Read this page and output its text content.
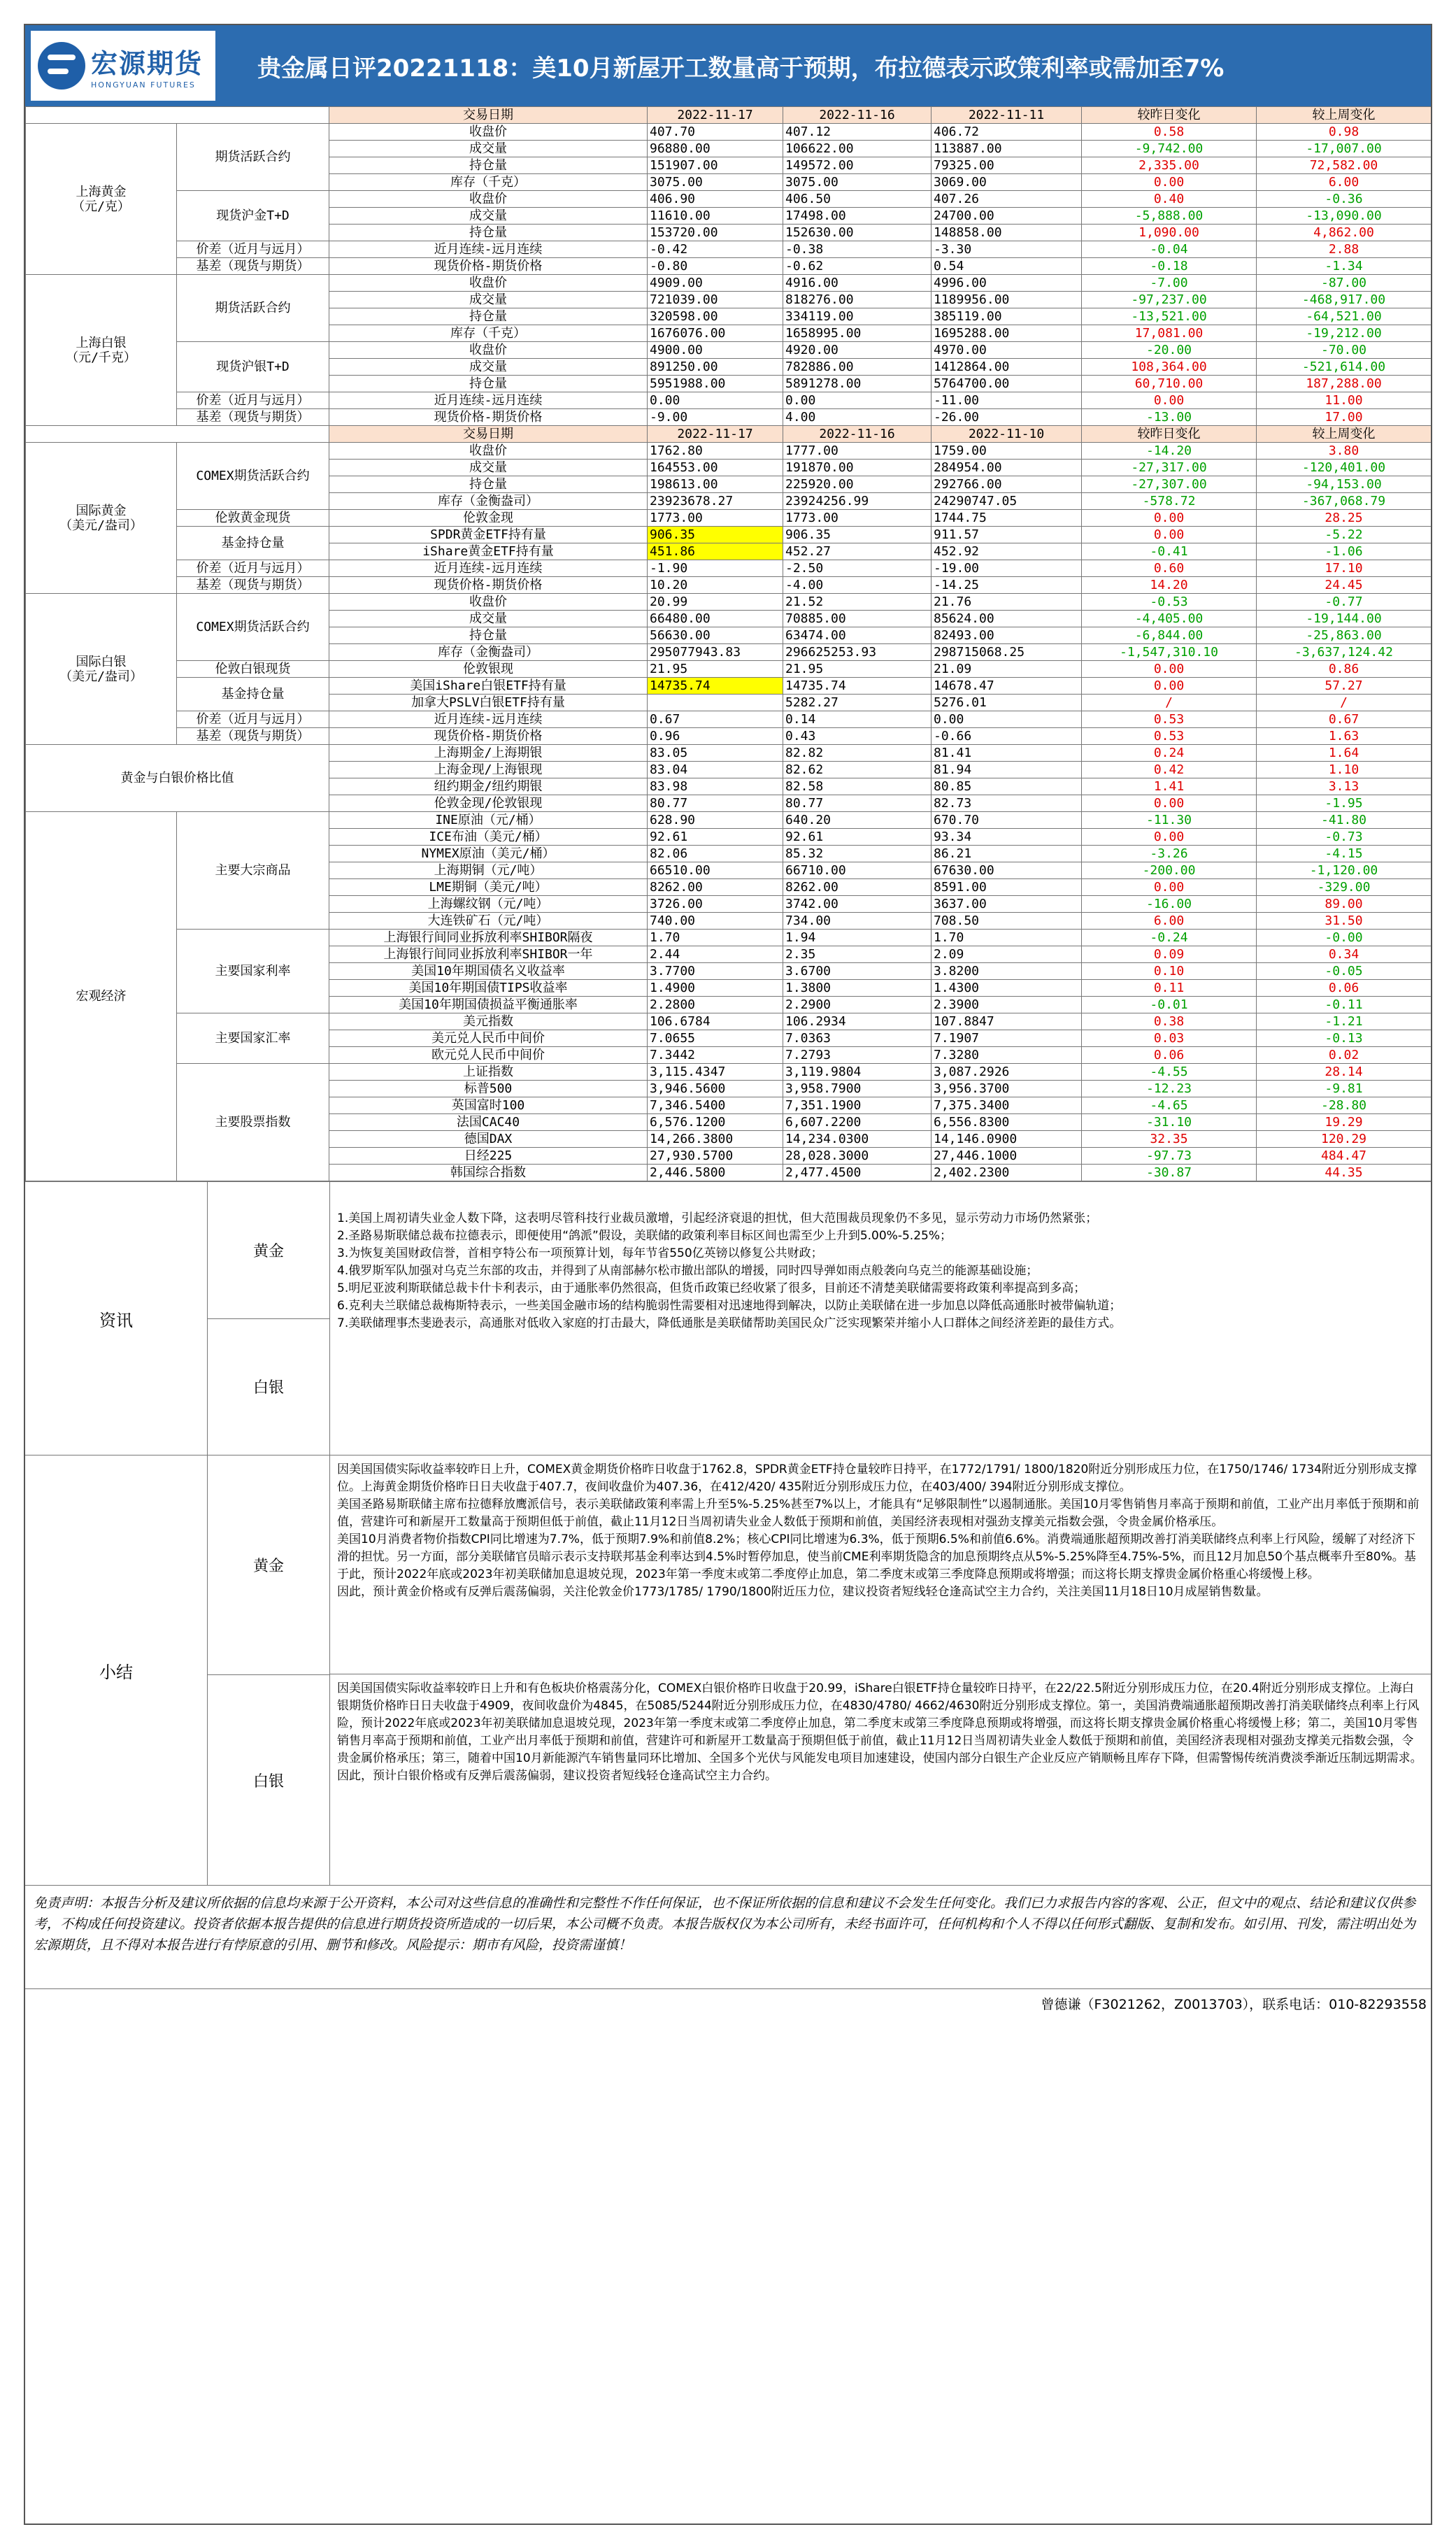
宏源期货
HONGYUAN FUTURES
贵金属日评20221118：美10月新屋开工数量高于预期，布拉德表示政策利率或需加至7%
		交易日期	2022-11-17	2022-11-16	2022-11-11	较昨日变化	较上周变化
上海黄金
（元/克）	期货活跃合约	收盘价	407.70	407.12	406.72	0.58	0.98
		成交量	96880.00	106622.00	113887.00	-9,742.00	-17,007.00
		持仓量	151907.00	149572.00	79325.00	2,335.00	72,582.00
		库存（千克）	3075.00	3075.00	3069.00	0.00	6.00
	现货沪金T+D	收盘价	406.90	406.50	407.26	0.40	-0.36
		成交量	11610.00	17498.00	24700.00	-5,888.00	-13,090.00
		持仓量	153720.00	152630.00	148858.00	1,090.00	4,862.00
	价差（近月与远月）	近月连续-远月连续	-0.42	-0.38	-3.30	-0.04	2.88
	基差（现货与期货）	现货价格-期货价格	-0.80	-0.62	0.54	-0.18	-1.34
上海白银
（元/千克）	期货活跃合约	收盘价	4909.00	4916.00	4996.00	-7.00	-87.00
		成交量	721039.00	818276.00	1189956.00	-97,237.00	-468,917.00
		持仓量	320598.00	334119.00	385119.00	-13,521.00	-64,521.00
		库存（千克）	1676076.00	1658995.00	1695288.00	17,081.00	-19,212.00
	现货沪银T+D	收盘价	4900.00	4920.00	4970.00	-20.00	-70.00
		成交量	891250.00	782886.00	1412864.00	108,364.00	-521,614.00
		持仓量	5951988.00	5891278.00	5764700.00	60,710.00	187,288.00
	价差（近月与远月）	近月连续-远月连续	0.00	0.00	-11.00	0.00	11.00
	基差（现货与期货）	现货价格-期货价格	-9.00	4.00	-26.00	-13.00	17.00
		交易日期	2022-11-17	2022-11-16	2022-11-10	较昨日变化	较上周变化
国际黄金
（美元/盎司）	COMEX期货活跃合约	收盘价	1762.80	1777.00	1759.00	-14.20	3.80
		成交量	164553.00	191870.00	284954.00	-27,317.00	-120,401.00
		持仓量	198613.00	225920.00	292766.00	-27,307.00	-94,153.00
		库存（金衡盎司）	23923678.27	23924256.99	24290747.05	-578.72	-367,068.79
	伦敦黄金现货	伦敦金现	1773.00	1773.00	1744.75	0.00	28.25
	基金持仓量	SPDR黄金ETF持有量	906.35	906.35	911.57	0.00	-5.22
		iShare黄金ETF持有量	451.86	452.27	452.92	-0.41	-1.06
	价差（近月与远月）	近月连续-远月连续	-1.90	-2.50	-19.00	0.60	17.10
	基差（现货与期货）	现货价格-期货价格	10.20	-4.00	-14.25	14.20	24.45
国际白银
（美元/盎司）	COMEX期货活跃合约	收盘价	20.99	21.52	21.76	-0.53	-0.77
		成交量	66480.00	70885.00	85624.00	-4,405.00	-19,144.00
		持仓量	56630.00	63474.00	82493.00	-6,844.00	-25,863.00
		库存（金衡盎司）	295077943.83	296625253.93	298715068.25	-1,547,310.10	-3,637,124.42
	伦敦白银现货	伦敦银现	21.95	21.95	21.09	0.00	0.86
	基金持仓量	美国iShare白银ETF持有量	14735.74	14735.74	14678.47	0.00	57.27
		加拿大PSLV白银ETF持有量		5282.27	5276.01	/	/
	价差（近月与远月）	近月连续-远月连续	0.67	0.14	0.00	0.53	0.67
	基差（现货与期货）	现货价格-期货价格	0.96	0.43	-0.66	0.53	1.63
黄金与白银价格比值		上海期金/上海期银	83.05	82.82	81.41	0.24	1.64
		上海金现/上海银现	83.04	82.62	81.94	0.42	1.10
		纽约期金/纽约期银	83.98	82.58	80.85	1.41	3.13
		伦敦金现/伦敦银现	80.77	80.77	82.73	0.00	-1.95
宏观经济	主要大宗商品	INE原油（元/桶）	628.90	640.20	670.70	-11.30	-41.80
		ICE布油（美元/桶）	92.61	92.61	93.34	0.00	-0.73
		NYMEX原油（美元/桶）	82.06	85.32	86.21	-3.26	-4.15
		上海期铜（元/吨）	66510.00	66710.00	67630.00	-200.00	-1,120.00
		LME期铜（美元/吨）	8262.00	8262.00	8591.00	0.00	-329.00
		上海螺纹钢（元/吨）	3726.00	3742.00	3637.00	-16.00	89.00
		大连铁矿石（元/吨）	740.00	734.00	708.50	6.00	31.50
	主要国家利率	上海银行间同业拆放利率SHIBOR隔夜	1.70	1.94	1.70	-0.24	-0.00
		上海银行间同业拆放利率SHIBOR一年	2.44	2.35	2.09	0.09	0.34
		美国10年期国债名义收益率	3.7700	3.6700	3.8200	0.10	-0.05
		美国10年期国债TIPS收益率	1.4900	1.3800	1.4300	0.11	0.06
		美国10年期国债损益平衡通胀率	2.2800	2.2900	2.3900	-0.01	-0.11
	主要国家汇率	美元指数	106.6784	106.2934	107.8847	0.38	-1.21
		美元兑人民币中间价	7.0655	7.0363	7.1907	0.03	-0.13
		欧元兑人民币中间价	7.3442	7.2793	7.3280	0.06	0.02
	主要股票指数	上证指数	3,115.4347	3,119.9804	3,087.2926	-4.55	28.14
		标普500	3,946.5600	3,958.7900	3,956.3700	-12.23	-9.81
		英国富时100	7,346.5400	7,351.1900	7,375.3400	-4.65	-28.80
		法国CAC40	6,576.1200	6,607.2200	6,556.8300	-31.10	19.29
		德国DAX	14,266.3800	14,234.0300	14,146.0900	32.35	120.29
		日经225	27,930.5700	28,028.3000	27,446.1000	-97.73	484.47
		韩国综合指数	2,446.5800	2,477.4500	2,402.2300	-30.87	44.35
资讯
黄金
白银

1.美国上周初请失业金人数下降，这表明尽管科技行业裁员激增，引起经济衰退的担忧，但大范围裁员现象仍不多见，显示劳动力市场仍然紧张；

2.圣路易斯联储总裁布拉德表示，即便使用“鸽派”假设，美联储的政策利率目标区间也需至少上升到5.00%-5.25%；

3.为恢复美国财政信誉，首相亨特公布一项预算计划，每年节省550亿英镑以修复公共财政；

4.俄罗斯军队加强对乌克兰东部的攻击，并得到了从南部赫尔松市撤出部队的增援，同时四导弹如雨点般袭向乌克兰的能源基础设施；

5.明尼亚波利斯联储总裁卡什卡利表示，由于通胀率仍然很高，但货币政策已经收紧了很多，目前还不清楚美联储需要将政策利率提高到多高；

6.克利夫兰联储总裁梅斯特表示，一些美国金融市场的结构脆弱性需要相对迅速地得到解决，以防止美联储在进一步加息以降低高通胀时被带偏轨道；

7.美联储理事杰斐逊表示，高通胀对低收入家庭的打击最大，降低通胀是美联储帮助美国民众广泛实现繁荣并缩小人口群体之间经济差距的最佳方式。

小结
黄金
白银

因美国国债实际收益率较昨日上升，COMEX黄金期货价格昨日收盘于1762.8，SPDR黄金ETF持仓量较昨日持平，在1772/1791/ 1800/1820附近分别形成压力位，在1750/1746/ 1734附近分别形成支撑位。上海黄金期货价格昨日日夫收盘于407.7，夜间收盘价为407.36，在412/420/ 435附近分别形成压力位，在403/400/ 394附近分别形成支撑位。

美国圣路易斯联储主席布拉德释放鹰派信号，表示美联储政策利率需上升至5%-5.25%甚至7%以上，才能具有“足够限制性”以遏制通胀。美国10月零售销售月率高于预期和前值，工业产出月率低于预期和前值，营建许可和新屋开工数量高于预期但低于前值，截止11月12日当周初请失业金人数低于预期和前值，美国经济表现相对强劲支撑美元指数会强，令贵金属价格承压。

美国10月消费者物价指数CPI同比增速为7.7%，低于预期7.9%和前值8.2%；核心CPI同比增速为6.3%，低于预期6.5%和前值6.6%。消费端通胀超预期改善打消美联储终点利率上行风险，缓解了对经济下滑的担忧。另一方面，部分美联储官员暗示表示支持联邦基金利率达到4.5%时暂停加息，使当前CME利率期货隐含的加息预期终点从5%-5.25%降至4.75%-5%，而且12月加息50个基点概率升至80%。基于此，预计2022年底或2023年初美联储加息退坡兑现，2023年第一季度末或第二季度停止加息，第二季度末或第三季度降息预期或将增强；而这将长期支撑贵金属价格重心将缓慢上移。

因此，预计黄金价格或有反弹后震荡偏弱，关注伦敦金价1773/1785/ 1790/1800附近压力位，建议投资者短线轻仓逢高试空主力合约，关注美国11月18日10月成屋销售数量。

因美国国债实际收益率较昨日上升和有色板块价格震荡分化，COMEX白银价格昨日收盘于20.99，iShare白银ETF持仓量较昨日持平，在22/22.5附近分别形成压力位，在20.4附近分别形成支撑位。上海白银期货价格昨日日夫收盘于4909，夜间收盘价为4845，在5085/5244附近分别形成压力位，在4830/4780/ 4662/4630附近分别形成支撑位。第一，美国消费端通胀超预期改善打消美联储终点利率上行风险，预计2022年底或2023年初美联储加息退坡兑现，2023年第一季度末或第二季度停止加息，第二季度末或第三季度降息预期或将增强，而这将长期支撑贵金属价格重心将缓慢上移；第二，美国10月零售销售月率高于预期和前值，工业产出月率低于预期和前值，营建许可和新屋开工数量高于预期但低于前值，截止11月12日当周初请失业金人数低于预期和前值，美国经济表现相对强劲支撑美元指数会强，令贵金属价格承压；第三，随着中国10月新能源汽车销售量同环比增加、全国多个光伏与风能发电项目加速建设，使国内部分白银生产企业反应产销顺畅且库存下降，但需警惕传统消费淡季渐近压制远期需求。

因此，预计白银价格或有反弹后震荡偏弱，建议投资者短线轻仓逢高试空主力合约。

免责声明：本报告分析及建议所依据的信息均来源于公开资料，本公司对这些信息的准确性和完整性不作任何保证，也不保证所依据的信息和建议不会发生任何变化。我们已力求报告内容的客观、公正，但文中的观点、结论和建议仅供参考，不构成任何投资建议。投资者依据本报告提供的信息进行期货投资所造成的一切后果，本公司概不负责。本报告版权仅为本公司所有，未经书面许可，任何机构和个人不得以任何形式翻版、复制和发布。如引用、刊发，需注明出处为宏源期货，且不得对本报告进行有悖原意的引用、删节和修改。风险提示：期市有风险，投资需谨慎！
曾德谦（F3021262，Z0013703），联系电话：010-82293558
